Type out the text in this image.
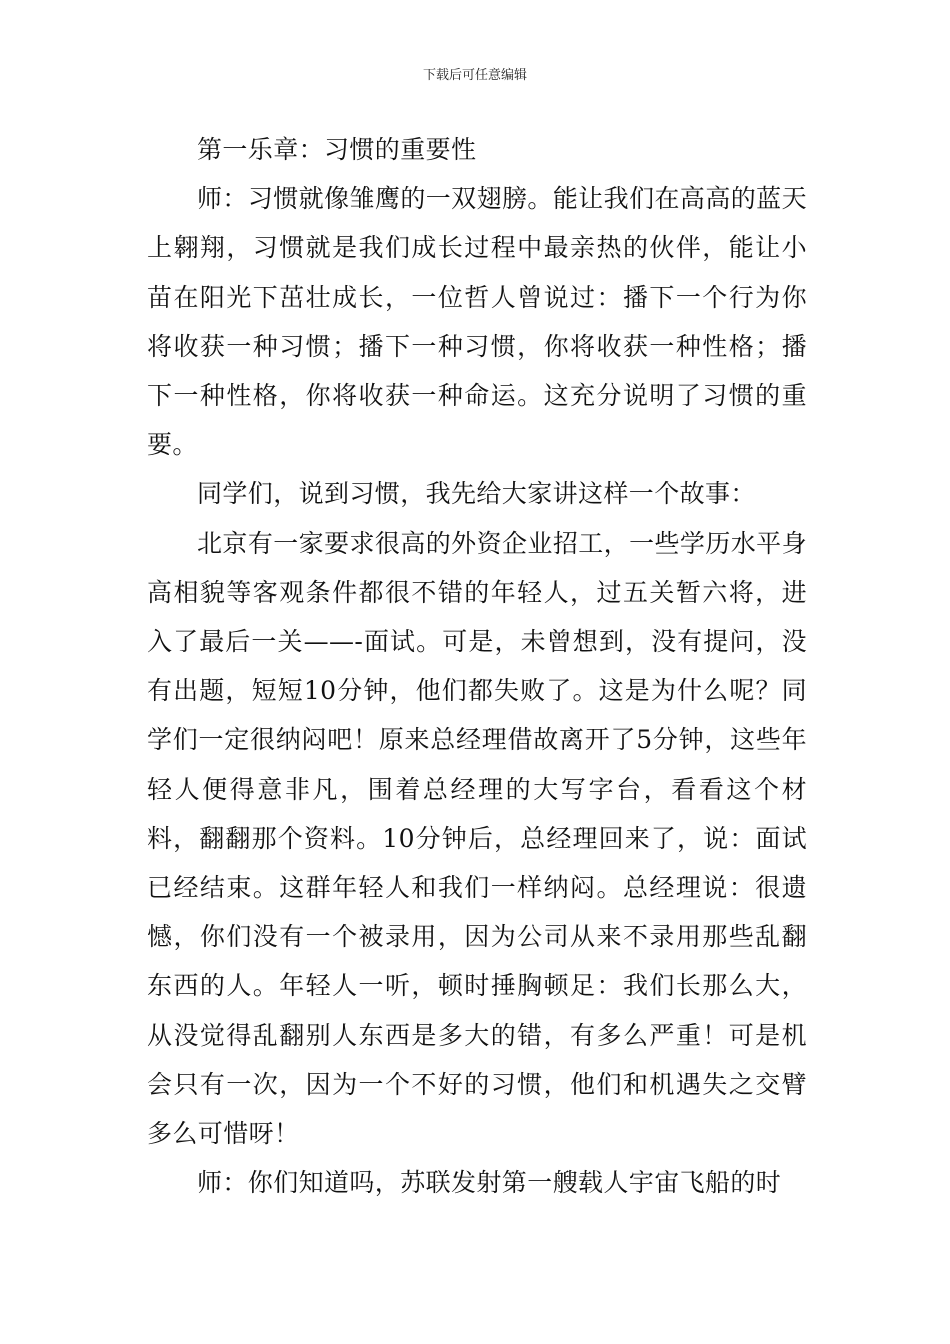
下载后可任意编辑

第一乐章：习惯的重要性

师：习惯就像雏鹰的一双翅膀。能让我们在高高的蓝天上翱翔，习惯就是我们成长过程中最亲热的伙伴，能让小苗在阳光下茁壮成长，一位哲人曾说过：播下一个行为你将收获一种习惯；播下一种习惯，你将收获一种性格；播下一种性格，你将收获一种命运。这充分说明了习惯的重要。

同学们，说到习惯，我先给大家讲这样一个故事：

北京有一家要求很高的外资企业招工，一些学历水平身高相貌等客观条件都很不错的年轻人，过五关暂六将，进入了最后一关——-面试。可是，未曾想到，没有提问，没有出题，短短10分钟，他们都失败了。这是为什么呢？同学们一定很纳闷吧！原来总经理借故离开了5分钟，这些年轻人便得意非凡，围着总经理的大写字台，看看这个材料，翻翻那个资料。10分钟后，总经理回来了，说：面试已经结束。这群年轻人和我们一样纳闷。总经理说：很遗憾，你们没有一个被录用，因为公司从来不录用那些乱翻东西的人。年轻人一听，顿时捶胸顿足：我们长那么大，从没觉得乱翻别人东西是多大的错，有多么严重！可是机会只有一次，因为一个不好的习惯，他们和机遇失之交臂多么可惜呀！

师：你们知道吗，苏联发射第一艘载人宇宙飞船的时
